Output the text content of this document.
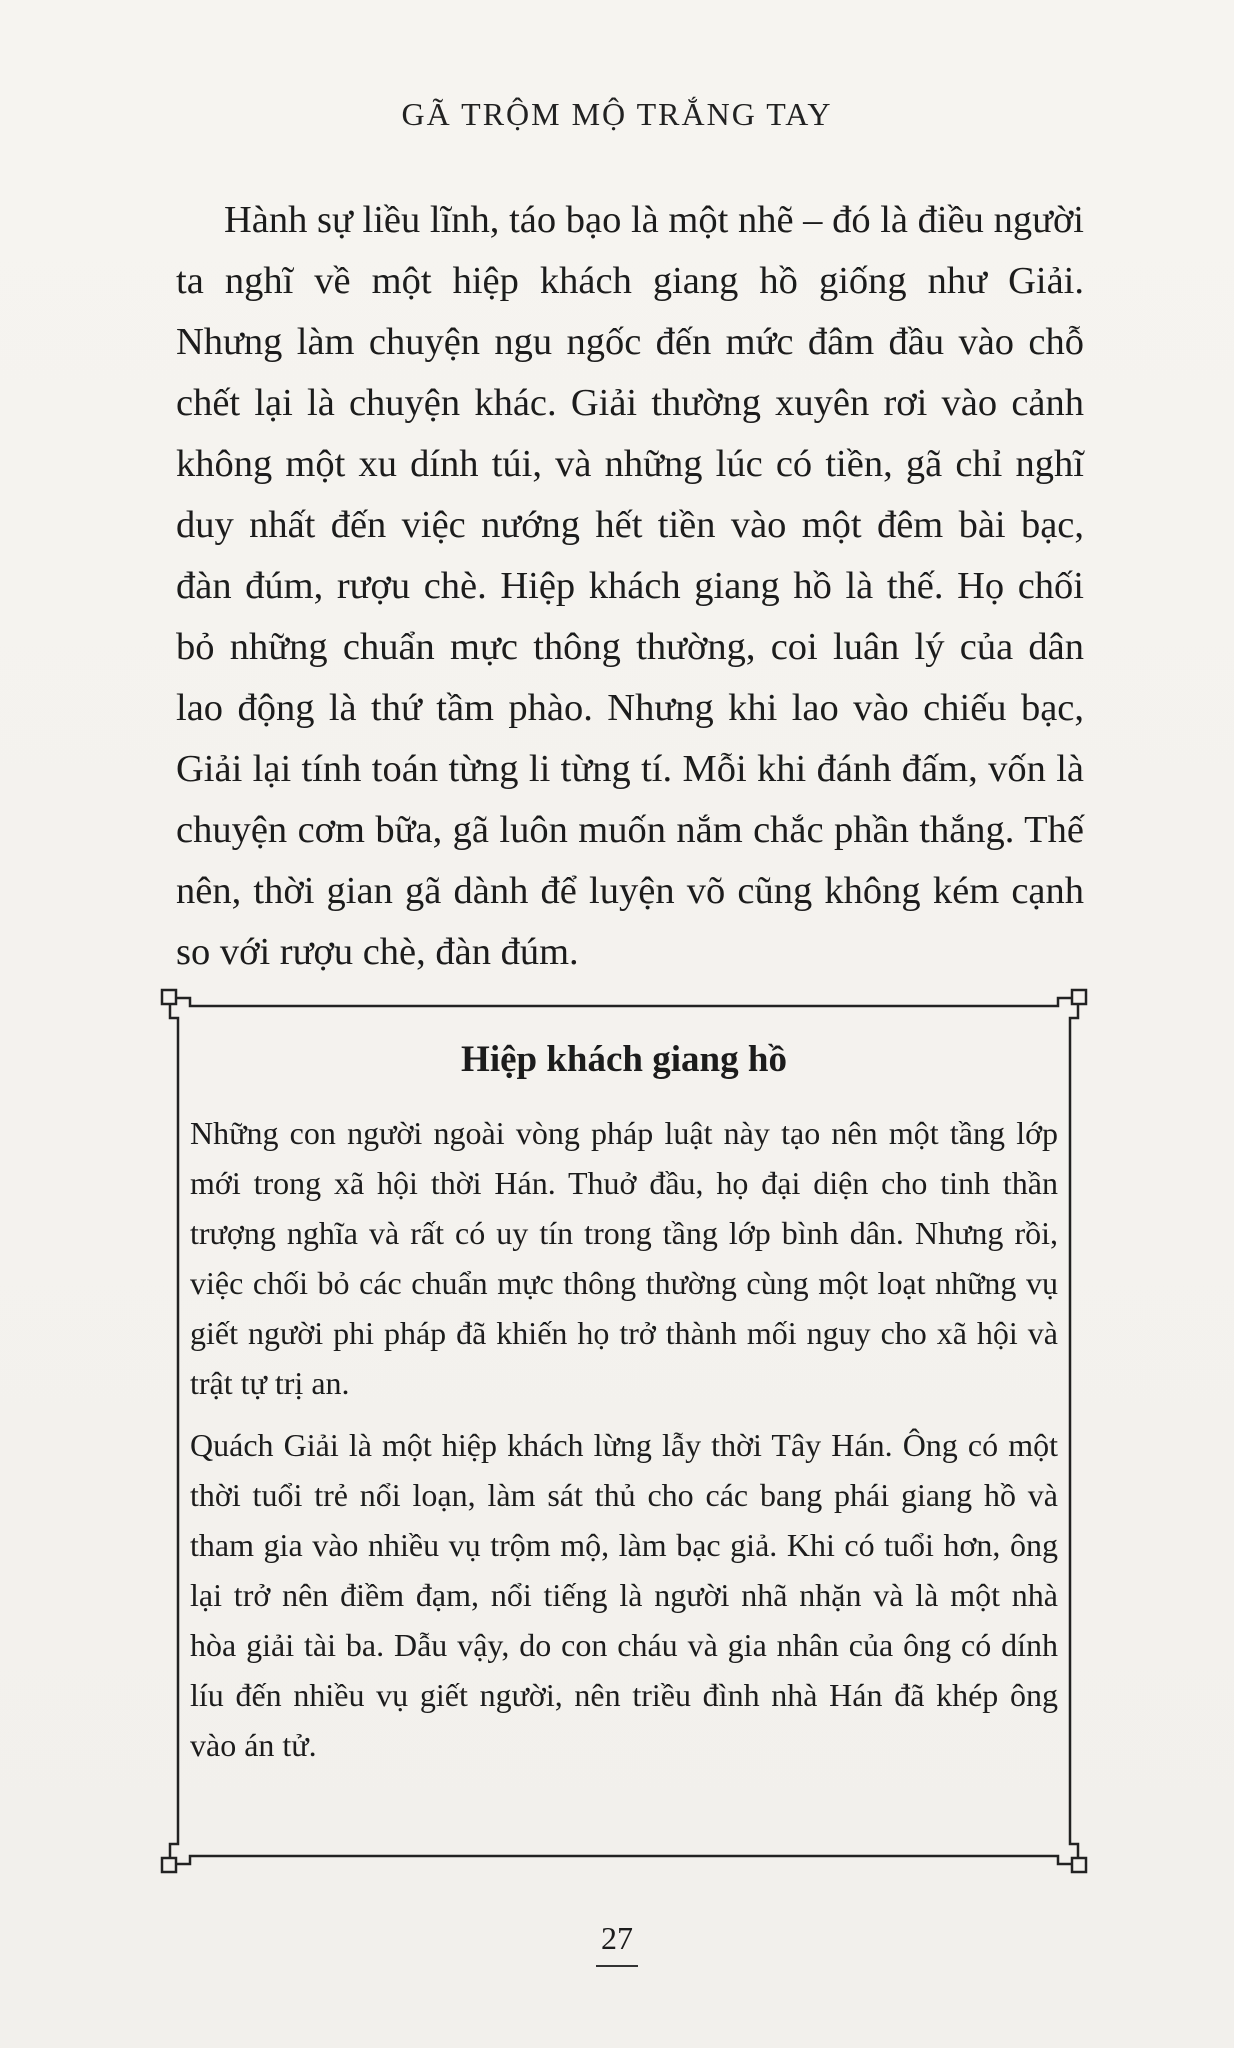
GÃ TRỘM MỘ TRẮNG TAY

Hành sự liều lĩnh, táo bạo là một nhẽ – đó là điều người ta nghĩ về một hiệp khách giang hồ giống như Giải. Nhưng làm chuyện ngu ngốc đến mức đâm đầu vào chỗ chết lại là chuyện khác. Giải thường xuyên rơi vào cảnh không một xu dính túi, và những lúc có tiền, gã chỉ nghĩ duy nhất đến việc nướng hết tiền vào một đêm bài bạc, đàn đúm, rượu chè. Hiệp khách giang hồ là thế. Họ chối bỏ những chuẩn mực thông thường, coi luân lý của dân lao động là thứ tầm phào. Nhưng khi lao vào chiếu bạc, Giải lại tính toán từng li từng tí. Mỗi khi đánh đấm, vốn là chuyện cơm bữa, gã luôn muốn nắm chắc phần thắng. Thế nên, thời gian gã dành để luyện võ cũng không kém cạnh so với rượu chè, đàn đúm.

Hiệp khách giang hồ

Những con người ngoài vòng pháp luật này tạo nên một tầng lớp mới trong xã hội thời Hán. Thuở đầu, họ đại diện cho tinh thần trượng nghĩa và rất có uy tín trong tầng lớp bình dân. Nhưng rồi, việc chối bỏ các chuẩn mực thông thường cùng một loạt những vụ giết người phi pháp đã khiến họ trở thành mối nguy cho xã hội và trật tự trị an.

Quách Giải là một hiệp khách lừng lẫy thời Tây Hán. Ông có một thời tuổi trẻ nổi loạn, làm sát thủ cho các bang phái giang hồ và tham gia vào nhiều vụ trộm mộ, làm bạc giả. Khi có tuổi hơn, ông lại trở nên điềm đạm, nổi tiếng là người nhã nhặn và là một nhà hòa giải tài ba. Dẫu vậy, do con cháu và gia nhân của ông có dính líu đến nhiều vụ giết người, nên triều đình nhà Hán đã khép ông vào án tử.

27
